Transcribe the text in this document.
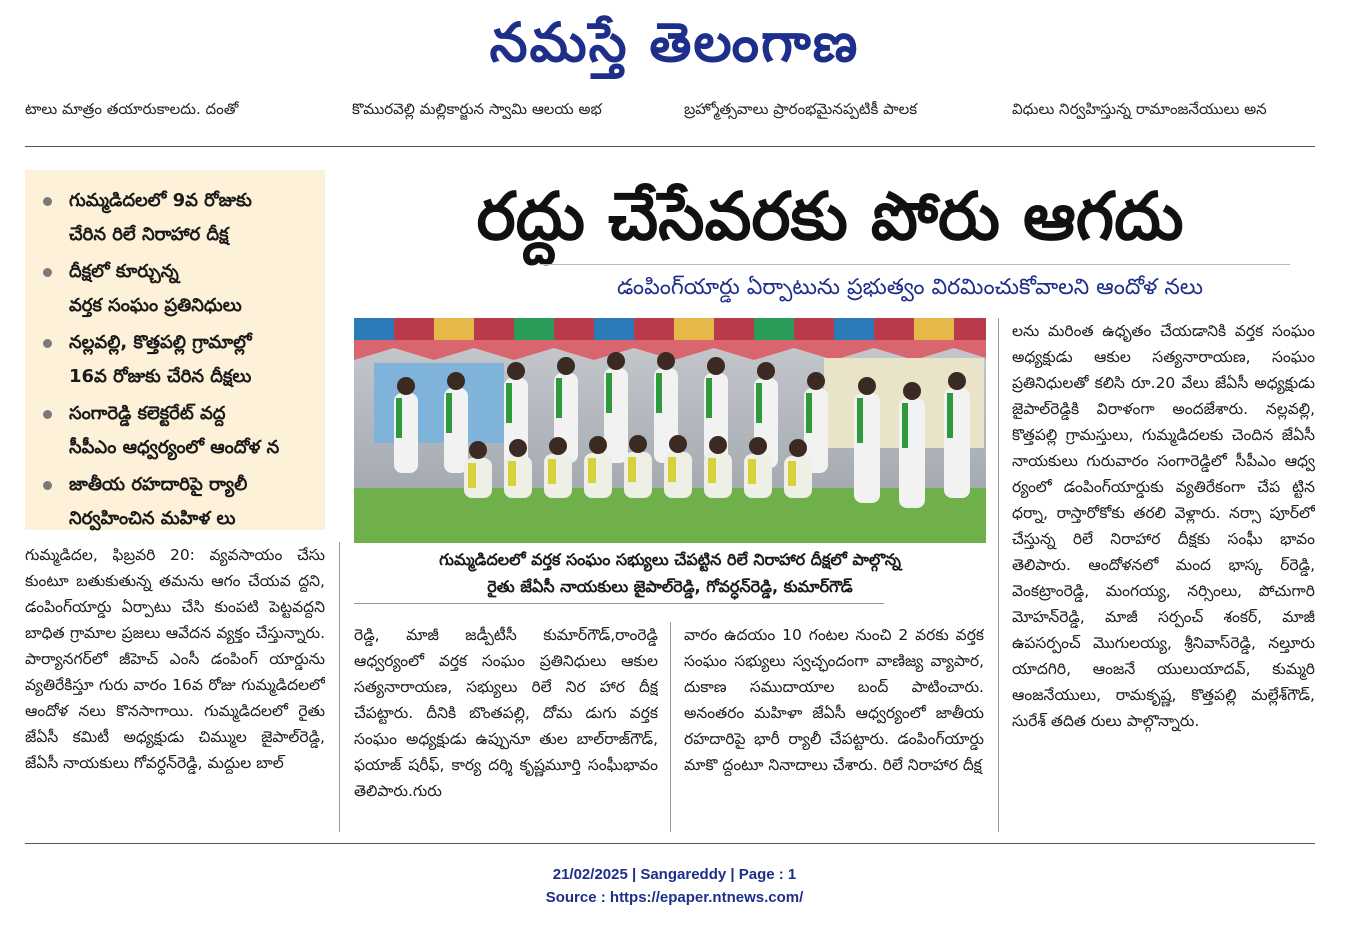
నమస్తే తెలంగాణ
టాలు మాత్రం తయారుకాలదు. దంతో	కొమురవెల్లి మల్లికార్జున స్వామి ఆలయ అభ	బ్రహ్మోత్సవాలు ప్రారంభమైనప్పటికీ పాలక	విధులు నిర్వహిస్తున్న రామాంజనేయులు అన
గుమ్మడిదలలో 9వ రోజుకు
చేరిన రిలే నిరాహార దీక్ష
దీక్షలో కూర్చున్న
వర్తక సంఘం ప్రతినిధులు
నల్లవల్లి, కొత్తపల్లి గ్రామాల్లో
16వ రోజుకు చేరిన దీక్షలు
సంగారెడ్డి కలెక్టరేట్ వద్ద
సీపీఎం ఆధ్వర్యంలో ఆందోళ న
జాతీయ రహదారిపై ర్యాలీ
నిర్వహించిన మహిళ లు
రద్దు చేసేవరకు పోరు ఆగదు
డంపింగ్‌యార్డు ఏర్పాటును ప్రభుత్వం విరమించుకోవాలని ఆందోళ నలు
గుమ్మడిదలలో వర్తక సంఘం సభ్యులు చేపట్టిన రిలే నిరాహార దీక్షలో పాల్గొన్న
రైతు జేఏసీ నాయకులు జైపాల్‌రెడ్డి, గోవర్ధన్‌రెడ్డి, కుమార్‌గౌడ్

గుమ్మడిదల, ఫిబ్రవరి 20: వ్యవసాయం చేసు కుంటూ బతుకుతున్న తమను ఆగం చేయవ ద్దని, డంపింగ్‌యార్డు ఏర్పాటు చేసి కుంపటి పెట్టవద్దని బాధిత గ్రామాల ప్రజలు ఆవేదన వ్యక్తం చేస్తున్నారు. పార్యానగర్‌లో జీహెచ్ ఎంసీ డంపింగ్ యార్డును వ్యతిరేకిస్తూ గురు వారం 16వ రోజు గుమ్మడిదలలో ఆందోళ నలు కొనసాగాయి. గుమ్మడిదలలో రైతు జేఏసీ కమిటీ అధ్యక్షుడు చిమ్ముల జైపాల్‌రెడ్డి, జేఏసీ నాయకులు గోవర్ధన్‌రెడ్డి, మద్దుల బాల్

రెడ్డి, మాజీ జడ్పీటీసీ కుమార్‌గౌడ్,రాంరెడ్డి ఆధ్వర్యంలో వర్తక సంఘం ప్రతినిధులు ఆకుల సత్యనారాయణ, సభ్యులు రిలే నిర హార దీక్ష చేపట్టారు. దీనికి బొంతపల్లి, దోమ డుగు వర్తక సంఘం అధ్యక్షుడు ఉప్పునూ తుల బాల్‌రాజ్‌గౌడ్, ఫయాజ్ షరీఫ్, కార్య దర్శి కృష్ణమూర్తి సంఘీభావం తెలిపారు.గురు

వారం ఉదయం 10 గంటల నుంచి 2 వరకు వర్తక సంఘం సభ్యులు స్వచ్ఛందంగా వాణిజ్య వ్యాపార, దుకాణ సముదాయాల బంద్ పాటించారు. అనంతరం మహిళా జేఏసీ ఆధ్వర్యంలో జాతీయ రహదారిపై భారీ ర్యాలీ చేపట్టారు. డంపింగ్‌యార్డు మాకొ ద్దంటూ నినాదాలు చేశారు. రిలే నిరాహార దీక్ష

లను మరింత ఉధృతం చేయడానికి వర్తక సంఘం అధ్యక్షుడు ఆకుల సత్యనారాయణ, సంఘం ప్రతినిధులతో కలిసి రూ.20 వేలు జేఏసీ అధ్యక్షుడు జైపాల్‌రెడ్డికి విరాళంగా అందజేశారు. నల్లవల్లి, కొత్తపల్లి గ్రామస్తులు, గుమ్మడిదలకు చెందిన జేఏసీ నాయకులు గురువారం సంగారెడ్డిలో సీపీఎం ఆధ్వ ర్యంలో డంపింగ్‌యార్డుకు వ్యతిరేకంగా చేప ట్టిన ధర్నా, రాస్తారోకోకు తరలి వెళ్లారు. నర్సా పూర్‌లో చేస్తున్న రిలే నిరాహార దీక్షకు సంఘీ భావం తెలిపారు. ఆందోళనలో మంద భాస్క ర్‌రెడ్డి, వెంకట్రాంరెడ్డి, మంగయ్య, నర్సింలు, పోచుగారి మోహన్‌రెడ్డి, మాజీ సర్పంచ్ శంకర్, మాజీ ఉపసర్పంచ్ మొగులయ్య, శ్రీనివాస్‌రెడ్డి, నల్తూరు యాదగిరి, ఆంజనే యులుయాదవ్, కుమ్మరి ఆంజనేయులు, రామకృష్ణ, కొత్తపల్లి మల్లేశ్‌గౌడ్, సురేశ్ తదిత రులు పాల్గొన్నారు.

21/02/2025 | Sangareddy | Page : 1
Source : https://epaper.ntnews.com/
